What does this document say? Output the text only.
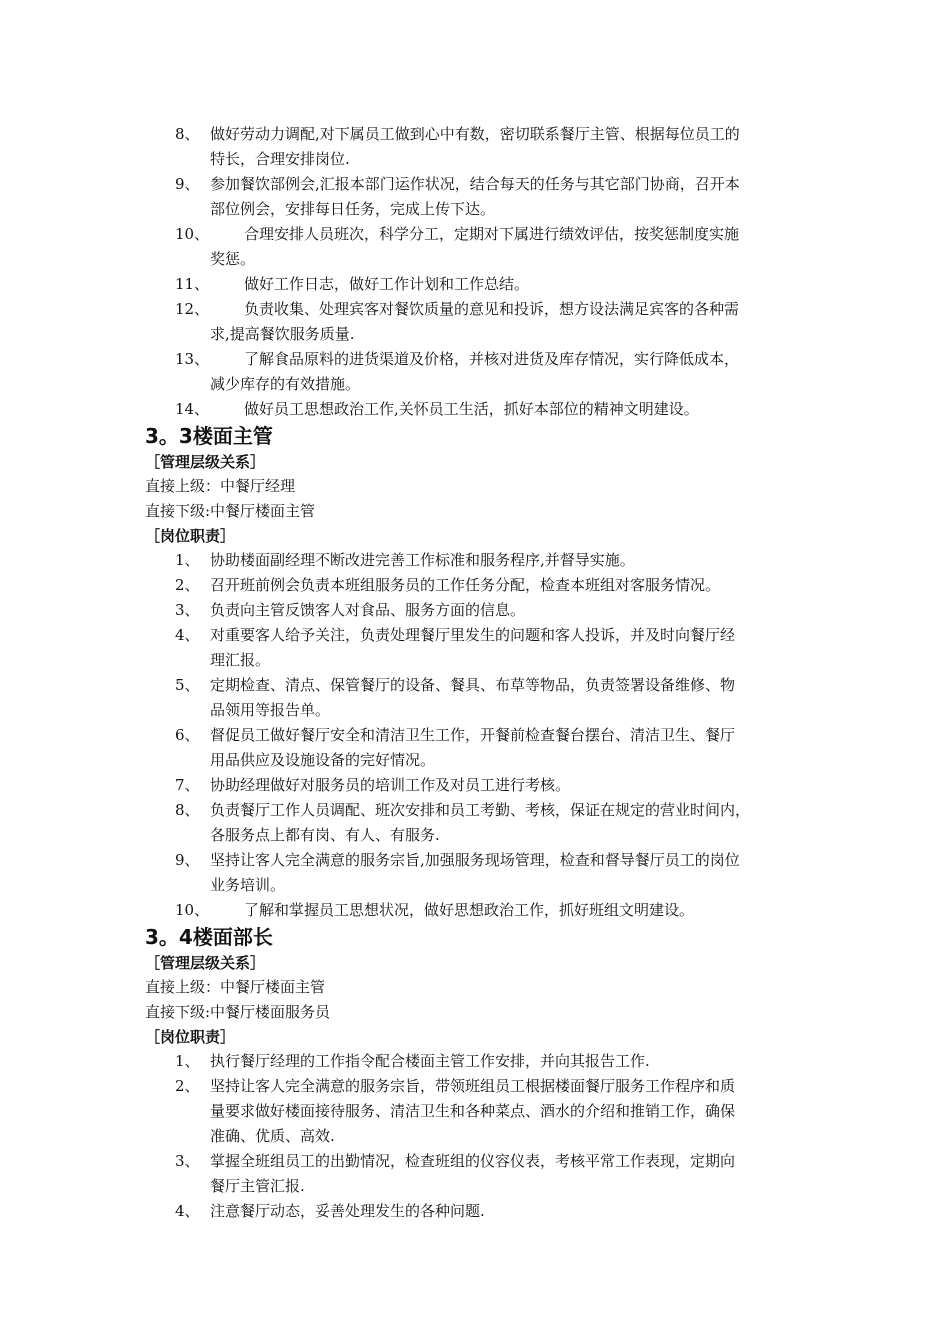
8、 做好劳动力调配,对下属员工做到心中有数，密切联系餐厅主管、根据每位员工的
特长，合理安排岗位.
9、 参加餐饮部例会,汇报本部门运作状况，结合每天的任务与其它部门协商，召开本
部位例会，安排每日任务，完成上传下达。
10、	合理安排人员班次，科学分工，定期对下属进行绩效评估，按奖惩制度实施
奖惩。
11、	做好工作日志，做好工作计划和工作总结。
12、	负责收集、处理宾客对餐饮质量的意见和投诉，想方设法满足宾客的各种需
求,提高餐饮服务质量.
13、	了解食品原料的进货渠道及价格，并核对进货及库存情况，实行降低成本，
减少库存的有效措施。
14、	做好员工思想政治工作,关怀员工生活，抓好本部位的精神文明建设。
3。3楼面主管
［管理层级关系］
直接上级：中餐厅经理
直接下级:中餐厅楼面主管
［岗位职责］
1、 协助楼面副经理不断改进完善工作标准和服务程序,并督导实施。
2、 召开班前例会负责本班组服务员的工作任务分配，检查本班组对客服务情况。
3、 负责向主管反馈客人对食品、服务方面的信息。
4、 对重要客人给予关注，负责处理餐厅里发生的问题和客人投诉，并及时向餐厅经
理汇报。
5、 定期检查、清点、保管餐厅的设备、餐具、布草等物品，负责签署设备维修、物
品领用等报告单。
6、 督促员工做好餐厅安全和清洁卫生工作，开餐前检查餐台摆台、清洁卫生、餐厅
用品供应及设施设备的完好情况。
7、 协助经理做好对服务员的培训工作及对员工进行考核。
8、 负责餐厅工作人员调配、班次安排和员工考勤、考核，保证在规定的营业时间内，
各服务点上都有岗、有人、有服务.
9、 坚持让客人完全满意的服务宗旨,加强服务现场管理，检查和督导餐厅员工的岗位
业务培训。
10、	了解和掌握员工思想状况，做好思想政治工作，抓好班组文明建设。
3。4楼面部长
［管理层级关系］
直接上级：中餐厅楼面主管
直接下级:中餐厅楼面服务员
［岗位职责］
1、 执行餐厅经理的工作指令配合楼面主管工作安排，并向其报告工作.
2、 坚持让客人完全满意的服务宗旨，带领班组员工根据楼面餐厅服务工作程序和质
量要求做好楼面接待服务、清洁卫生和各种菜点、酒水的介绍和推销工作，确保
准确、优质、高效.
3、 掌握全班组员工的出勤情况，检查班组的仪容仪表，考核平常工作表现，定期向
餐厅主管汇报.
4、 注意餐厅动态，妥善处理发生的各种问题.
